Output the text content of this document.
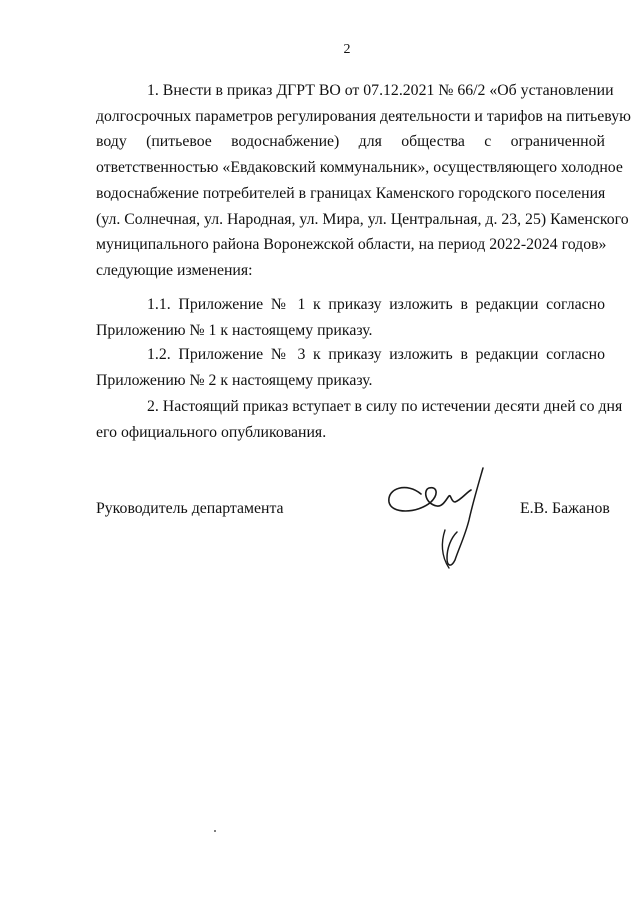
2
1. Внести в приказ ДГРТ ВО от 07.12.2021 № 66/2 «Об установлении
долгосрочных параметров регулирования деятельности и тарифов на питьевую
воду (питьевое водоснабжение) для общества с ограниченной
ответственностью «Евдаковский коммунальник», осуществляющего холодное
водоснабжение потребителей в границах Каменского городского поселения
(ул. Солнечная, ул. Народная, ул. Мира, ул. Центральная, д. 23, 25) Каменского
муниципального района Воронежской области, на период 2022-2024 годов»
следующие изменения:
1.1. Приложение № 1 к приказу изложить в редакции согласно
Приложению № 1 к настоящему приказу.
1.2. Приложение № 3 к приказу изложить в редакции согласно
Приложению № 2 к настоящему приказу.
2. Настоящий приказ вступает в силу по истечении десяти дней со дня
его официального опубликования.
Руководитель департамента	Е.В. Бажанов
